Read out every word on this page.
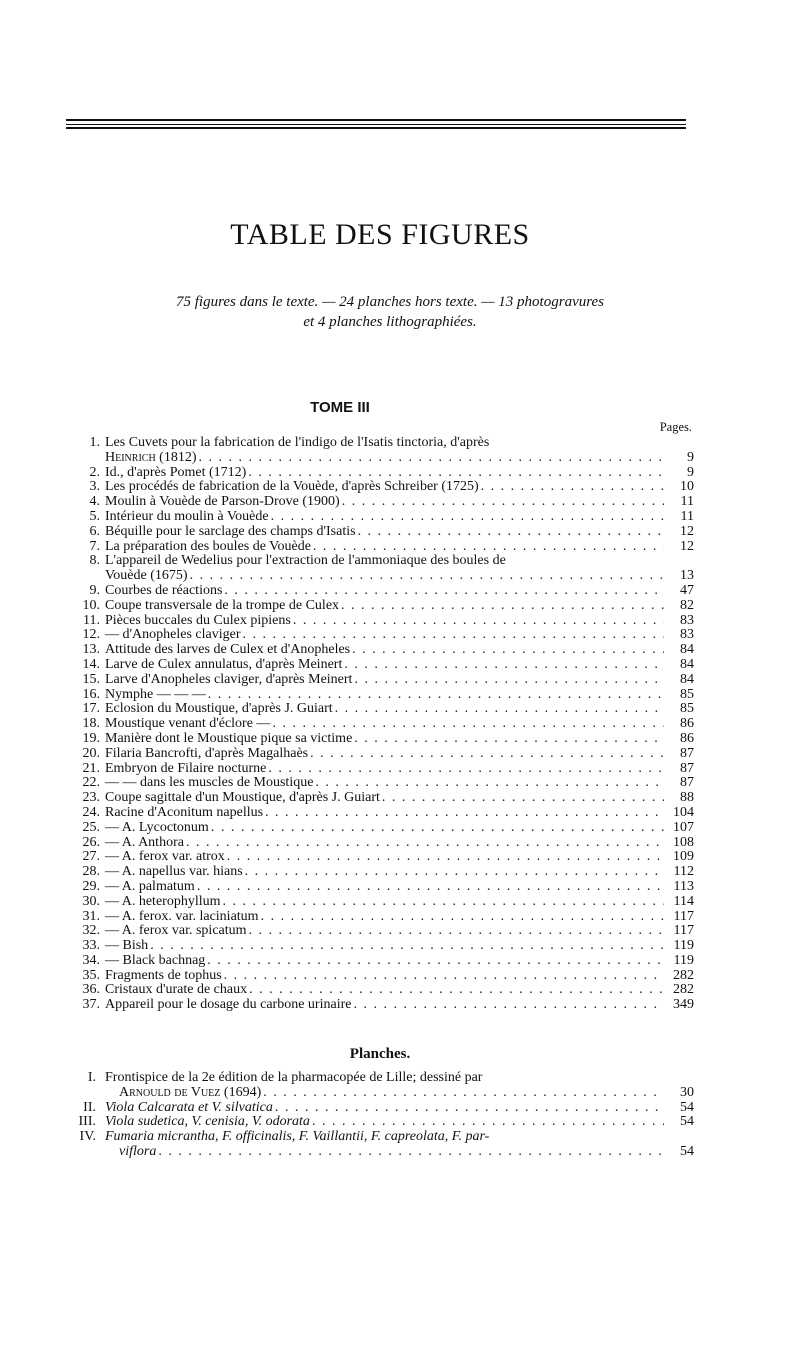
TABLE DES FIGURES
75 figures dans le texte. — 24 planches hors texte. — 13 photogravures
et 4 planches lithographiées.
TOME III
Pages.
1. Les Cuvets pour la fabrication de l'indigo de l'Isatis tinctoria, d'après
Heinrich (1812) . . .	9
2. Id., d'après Pomet (1712) . . .	9
3. Les procédés de fabrication de la Vouède, d'après Schreiber (1725) . . .	10
4. Moulin à Vouède de Parson-Drove (1900) . . .	11
5. Intérieur du moulin à Vouède . . .	11
6. Béquille pour le sarclage des champs d'Isatis . . .	12
7. La préparation des boules de Vouède . . .	12
8. L'appareil de Wedelius pour l'extraction de l'ammoniaque des boules de
Vouède (1675) . . .	13
9. Courbes de réactions . . .	47
10. Coupe transversale de la trompe de Culex . . .	82
11. Pièces buccales du Culex pipiens . . .	83
12. — d'Anopheles claviger . . .	83
13. Attitude des larves de Culex et d'Anopheles . . .	84
14. Larve de Culex annulatus, d'après Meinert . . .	84
15. Larve d'Anopheles claviger, d'après Meinert . . .	84
16. Nymphe — — — . . .	85
17. Eclosion du Moustique, d'après J. Guiart . . .	85
18. Moustique venant d'éclore — . . .	86
19. Manière dont le Moustique pique sa victime . . .	86
20. Filaria Bancrofti, d'après Magalhaès . . .	87
21. Embryon de Filaire nocturne . . .	87
22. — — dans les muscles de Moustique . . .	87
23. Coupe sagittale d'un Moustique, d'après J. Guiart . . .	88
24. Racine d'Aconitum napellus . . .	104
25. — A. Lycoctonum . . .	107
26. — A. Anthora . . .	108
27. — A. ferox var. atrox . . .	109
28. — A. napellus var. hians . . .	112
29. — A. palmatum . . .	113
30. — A. heterophyllum . . .	114
31. — A. ferox. var. laciniatum . . .	117
32. — A. ferox var. spicatum . . .	117
33. — Bish . . .	119
34. — Black bachnag . . .	119
35. Fragments de tophus . . .	282
36. Cristaux d'urate de chaux . . .	282
37. Appareil pour le dosage du carbone urinaire . . .	349
Planches.
I. Frontispice de la 2e édition de la pharmacopée de Lille; dessiné par
Arnould de Vuez (1694) . . .	30
II. Viola Calcarata et V. silvatica . . .	54
III. Viola sudetica, V. cenisia, V. odorata . . .	54
IV. Fumaria micrantha, F. officinalis, F. Vaillantii, F. capreolata, F. par-
viflora . . .	54
